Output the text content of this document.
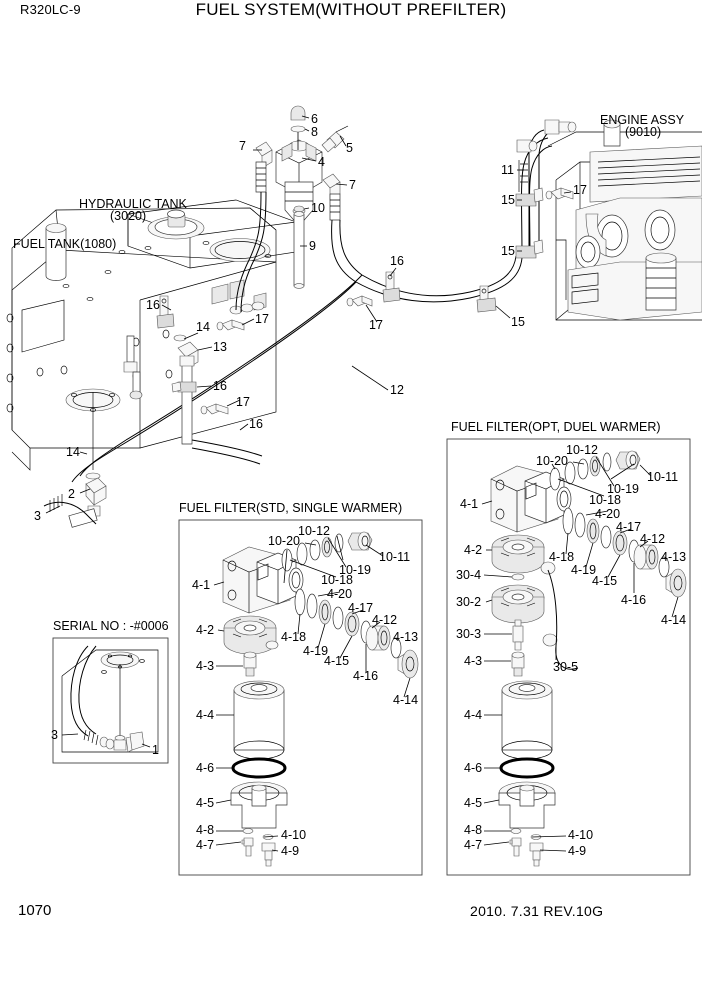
R320LC-9	FUEL SYSTEM(WITHOUT PREFILTER)
FUEL TANK(1080)
HYDRAULIC TANK
(3020)
ENGINE ASSY
(9010)
6
8
5
4
7
7
10
9
11
15
15
17
16
17	15
12
16
14
17
13
16
17
16
14
2
3
SERIAL NO : -#0006
3
1
FUEL FILTER(STD, SINGLE WARMER)
10-12
10-20
10-11
10-19
10-18
4-20
4-1
4-17
4-12
4-2	4-18	4-13
4-19
4-15
4-16
4-3
4-14
4-4
4-6
4-5
4-8	4-10
4-7	4-9
FUEL FILTER(OPT, DUEL WARMER)
10-12
10-20
10-11
10-19
10-18
4-20
4-1
4-17
4-12
4-2	4-18	4-13
4-19
4-15
30-4
4-16
30-2
4-14
30-3
4-3	30-5
4-4
4-6
4-5
4-8	4-10
4-7	4-9
1070	2010. 7.31 REV.10G
